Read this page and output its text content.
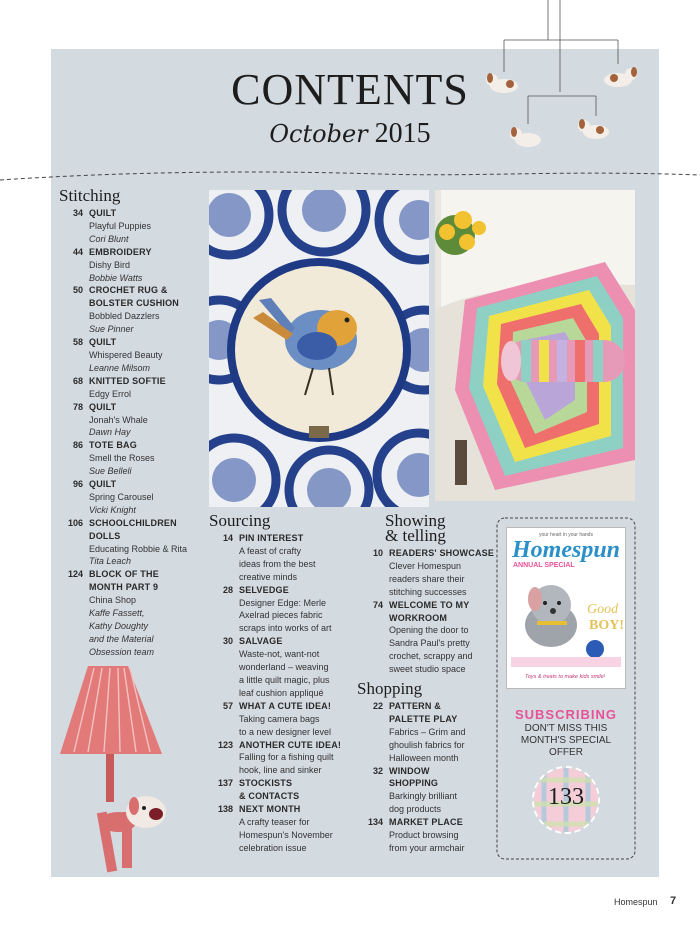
CONTENTS
October 2015
Stitching
34 QUILT
Playful Puppies
Cori Blunt
44 EMBROIDERY
Dishy Bird
Bobbie Watts
50 CROCHET RUG &
BOLSTER CUSHION
Bobbled Dazzlers
Sue Pinner
58 QUILT
Whispered Beauty
Leanne Milsom
68 KNITTED SOFTIE
Edgy Errol
78 QUILT
Jonah's Whale
Dawn Hay
86 TOTE BAG
Smell the Roses
Sue Belleli
96 QUILT
Spring Carousel
Vicki Knight
106 SCHOOLCHILDREN
DOLLS
Educating Robbie & Rita
Tita Leach
124 BLOCK OF THE
MONTH PART 9
China Shop
Kaffe Fassett,
Kathy Doughty
and the Material
Obsession team
Sourcing
14 PIN INTEREST
A feast of crafty
ideas from the best
creative minds
28 SELVEDGE
Designer Edge: Merle
Axelrad pieces fabric
scraps into works of art
30 SALVAGE
Waste-not, want-not
wonderland – weaving
a little quilt magic, plus
leaf cushion appliqué
57 WHAT A CUTE IDEA!
Taking camera bags
to a new designer level
123 ANOTHER CUTE IDEA!
Falling for a fishing quilt
hook, line and sinker
137 STOCKISTS
& CONTACTS
138 NEXT MONTH
A crafty teaser for
Homespun's November
celebration issue
Showing
& telling
10 READERS' SHOWCASE
Clever Homespun
readers share their
stitching successes
74 WELCOME TO MY
WORKROOM
Opening the door to
Sandra Paul's pretty
crochet, scrappy and
sweet studio space
Shopping
22 PATTERN &
PALETTE PLAY
Fabrics – Grim and
ghoulish fabrics for
Halloween month
32 WINDOW
SHOPPING
Barkingly brilliant
dog products
134 MARKET PLACE
Product browsing
from your armchair
your heart in your hands
Homespun
ANNUAL SPECIAL
Good
BOY!
Toys & treats to make kids smile!
SUBSCRIBING
DON'T MISS THIS
MONTH'S SPECIAL
OFFER
133
Homespun 7
